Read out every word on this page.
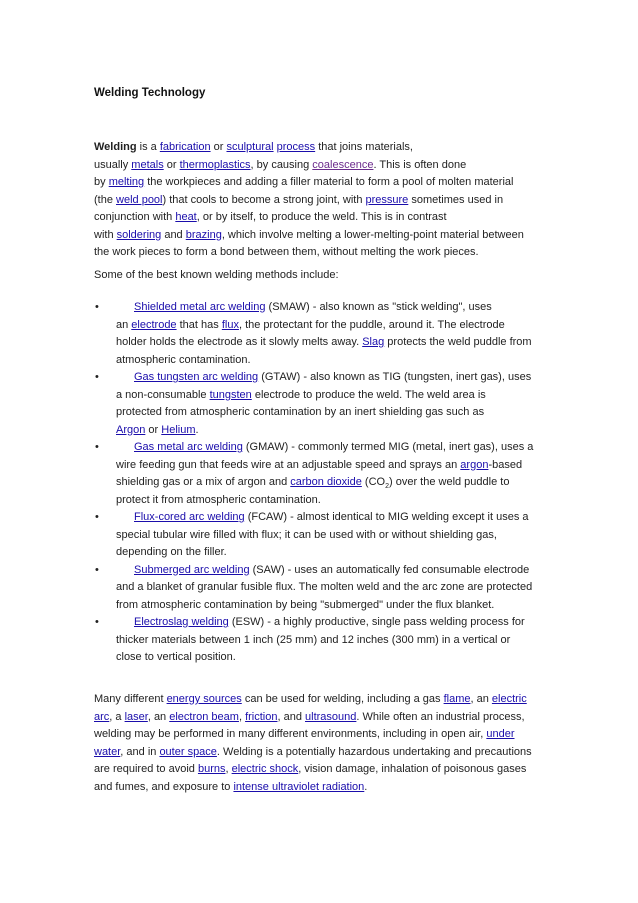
Welding Technology
Welding is a fabrication or sculptural process that joins materials,
usually metals or thermoplastics, by causing coalescence. This is often done
by melting the workpieces and adding a filler material to form a pool of molten material
(the weld pool) that cools to become a strong joint, with pressure sometimes used in
conjunction with heat, or by itself, to produce the weld. This is in contrast
with soldering and brazing, which involve melting a lower-melting-point material between
the work pieces to form a bond between them, without melting the work pieces.
Some of the best known welding methods include:
•	Shielded metal arc welding (SMAW) - also known as "stick welding", uses
an electrode that has flux, the protectant for the puddle, around it. The electrode
holder holds the electrode as it slowly melts away. Slag protects the weld puddle from
atmospheric contamination.
•	Gas tungsten arc welding (GTAW) - also known as TIG (tungsten, inert gas), uses
a non-consumable tungsten electrode to produce the weld. The weld area is
protected from atmospheric contamination by an inert shielding gas such as
Argon or Helium.
•	Gas metal arc welding (GMAW) - commonly termed MIG (metal, inert gas), uses a
wire feeding gun that feeds wire at an adjustable speed and sprays an argon-based
shielding gas or a mix of argon and carbon dioxide $(CO_2)$ over the weld puddle to
protect it from atmospheric contamination.
•	Flux-cored arc welding (FCAW) - almost identical to MIG welding except it uses a
special tubular wire filled with flux; it can be used with or without shielding gas,
depending on the filler.
•	Submerged arc welding (SAW) - uses an automatically fed consumable electrode
and a blanket of granular fusible flux. The molten weld and the arc zone are protected
from atmospheric contamination by being "submerged" under the flux blanket.
•	Electroslag welding (ESW) - a highly productive, single pass welding process for
thicker materials between 1 inch (25 mm) and 12 inches (300 mm) in a vertical or
close to vertical position.
Many different energy sources can be used for welding, including a gas flame, an electric
arc, a laser, an electron beam, friction, and ultrasound. While often an industrial process,
welding may be performed in many different environments, including in open air, under
water, and in outer space. Welding is a potentially hazardous undertaking and precautions
are required to avoid burns, electric shock, vision damage, inhalation of poisonous gases
and fumes, and exposure to intense ultraviolet radiation.
